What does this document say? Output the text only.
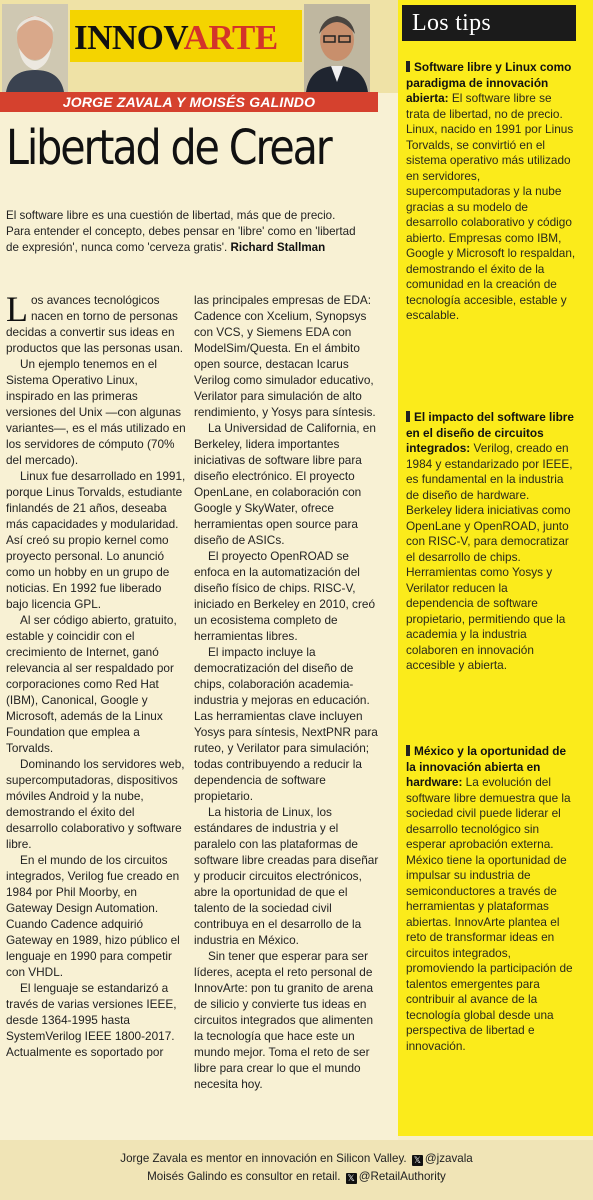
INNOVARTE
JORGE ZAVALA Y MOISÉS GALINDO
Libertad de Crear
El software libre es una cuestión de libertad, más que de precio. Para entender el concepto, debes pensar en 'libre' como en 'libertad de expresión', nunca como 'cerveza gratis'. Richard Stallman

Los avances tecnológicos nacen en torno de personas decidas a convertir sus ideas en productos que las personas usan.

Un ejemplo tenemos en el Sistema Operativo Linux, inspirado en las primeras versiones del Unix —con algunas variantes—, es el más utilizado en los servidores de cómputo (70% del mercado).

Linux fue desarrollado en 1991, porque Linus Torvalds, estudiante finlandés de 21 años, deseaba más capacidades y modularidad. Así creó su propio kernel como proyecto personal. Lo anunció como un hobby en un grupo de noticias. En 1992 fue liberado bajo licencia GPL.

Al ser código abierto, gratuito, estable y coincidir con el crecimiento de Internet, ganó relevancia al ser respaldado por corporaciones como Red Hat (IBM), Canonical, Google y Microsoft, además de la Linux Foundation que emplea a Torvalds.

Dominando los servidores web, supercomputadoras, dispositivos móviles Android y la nube, demostrando el éxito del desarrollo colaborativo y software libre.

En el mundo de los circuitos integrados, Verilog fue creado en 1984 por Phil Moorby, en Gateway Design Automation. Cuando Cadence adquirió Gateway en 1989, hizo público el lenguaje en 1990 para competir con VHDL.

El lenguaje se estandarizó a través de varias versiones IEEE, desde 1364-1995 hasta SystemVerilog IEEE 1800-2017. Actualmente es soportado por

las principales empresas de EDA: Cadence con Xcelium, Synopsys con VCS, y Siemens EDA con ModelSim/Questa. En el ámbito open source, destacan Icarus Verilog como simulador educativo, Verilator para simulación de alto rendimiento, y Yosys para síntesis.

La Universidad de California, en Berkeley, lidera importantes iniciativas de software libre para diseño electrónico. El proyecto OpenLane, en colaboración con Google y SkyWater, ofrece herramientas open source para diseño de ASICs.

El proyecto OpenROAD se enfoca en la automatización del diseño físico de chips. RISC-V, iniciado en Berkeley en 2010, creó un ecosistema completo de herramientas libres.

El impacto incluye la democratización del diseño de chips, colaboración academia-industria y mejoras en educación. Las herramientas clave incluyen Yosys para síntesis, NextPNR para ruteo, y Verilator para simulación; todas contribuyendo a reducir la dependencia de software propietario.

La historia de Linux, los estándares de industria y el paralelo con las plataformas de software libre creadas para diseñar y producir circuitos electrónicos, abre la oportunidad de que el talento de la sociedad civil contribuya en el desarrollo de la industria en México.

Sin tener que esperar para ser líderes, acepta el reto personal de InnovArte: pon tu granito de arena de silicio y convierte tus ideas en circuitos integrados que alimenten la tecnología que hace este un mundo mejor. Toma el reto de ser libre para crear lo que el mundo necesita hoy.

Los tips
Software libre y Linux como paradigma de innovación abierta: El software libre se trata de libertad, no de precio. Linux, nacido en 1991 por Linus Torvalds, se convirtió en el sistema operativo más utilizado en servidores, supercomputadoras y la nube gracias a su modelo de desarrollo colaborativo y código abierto. Empresas como IBM, Google y Microsoft lo respaldan, demostrando el éxito de la comunidad en la creación de tecnología accesible, estable y escalable.
El impacto del software libre en el diseño de circuitos integrados: Verilog, creado en 1984 y estandarizado por IEEE, es fundamental en la industria de diseño de hardware. Berkeley lidera iniciativas como OpenLane y OpenROAD, junto con RISC-V, para democratizar el desarrollo de chips. Herramientas como Yosys y Verilator reducen la dependencia de software propietario, permitiendo que la academia y la industria colaboren en innovación accesible y abierta.
México y la oportunidad de la innovación abierta en hardware: La evolución del software libre demuestra que la sociedad civil puede liderar el desarrollo tecnológico sin esperar aprobación externa. México tiene la oportunidad de impulsar su industria de semiconductores a través de herramientas y plataformas abiertas. InnovArte plantea el reto de transformar ideas en circuitos integrados, promoviendo la participación de talentos emergentes para contribuir al avance de la tecnología global desde una perspectiva de libertad e innovación.
Jorge Zavala es mentor en innovación en Silicon Valley. 𝕏 @jzavala
Moisés Galindo es consultor en retail. 𝕏 @RetailAuthority
